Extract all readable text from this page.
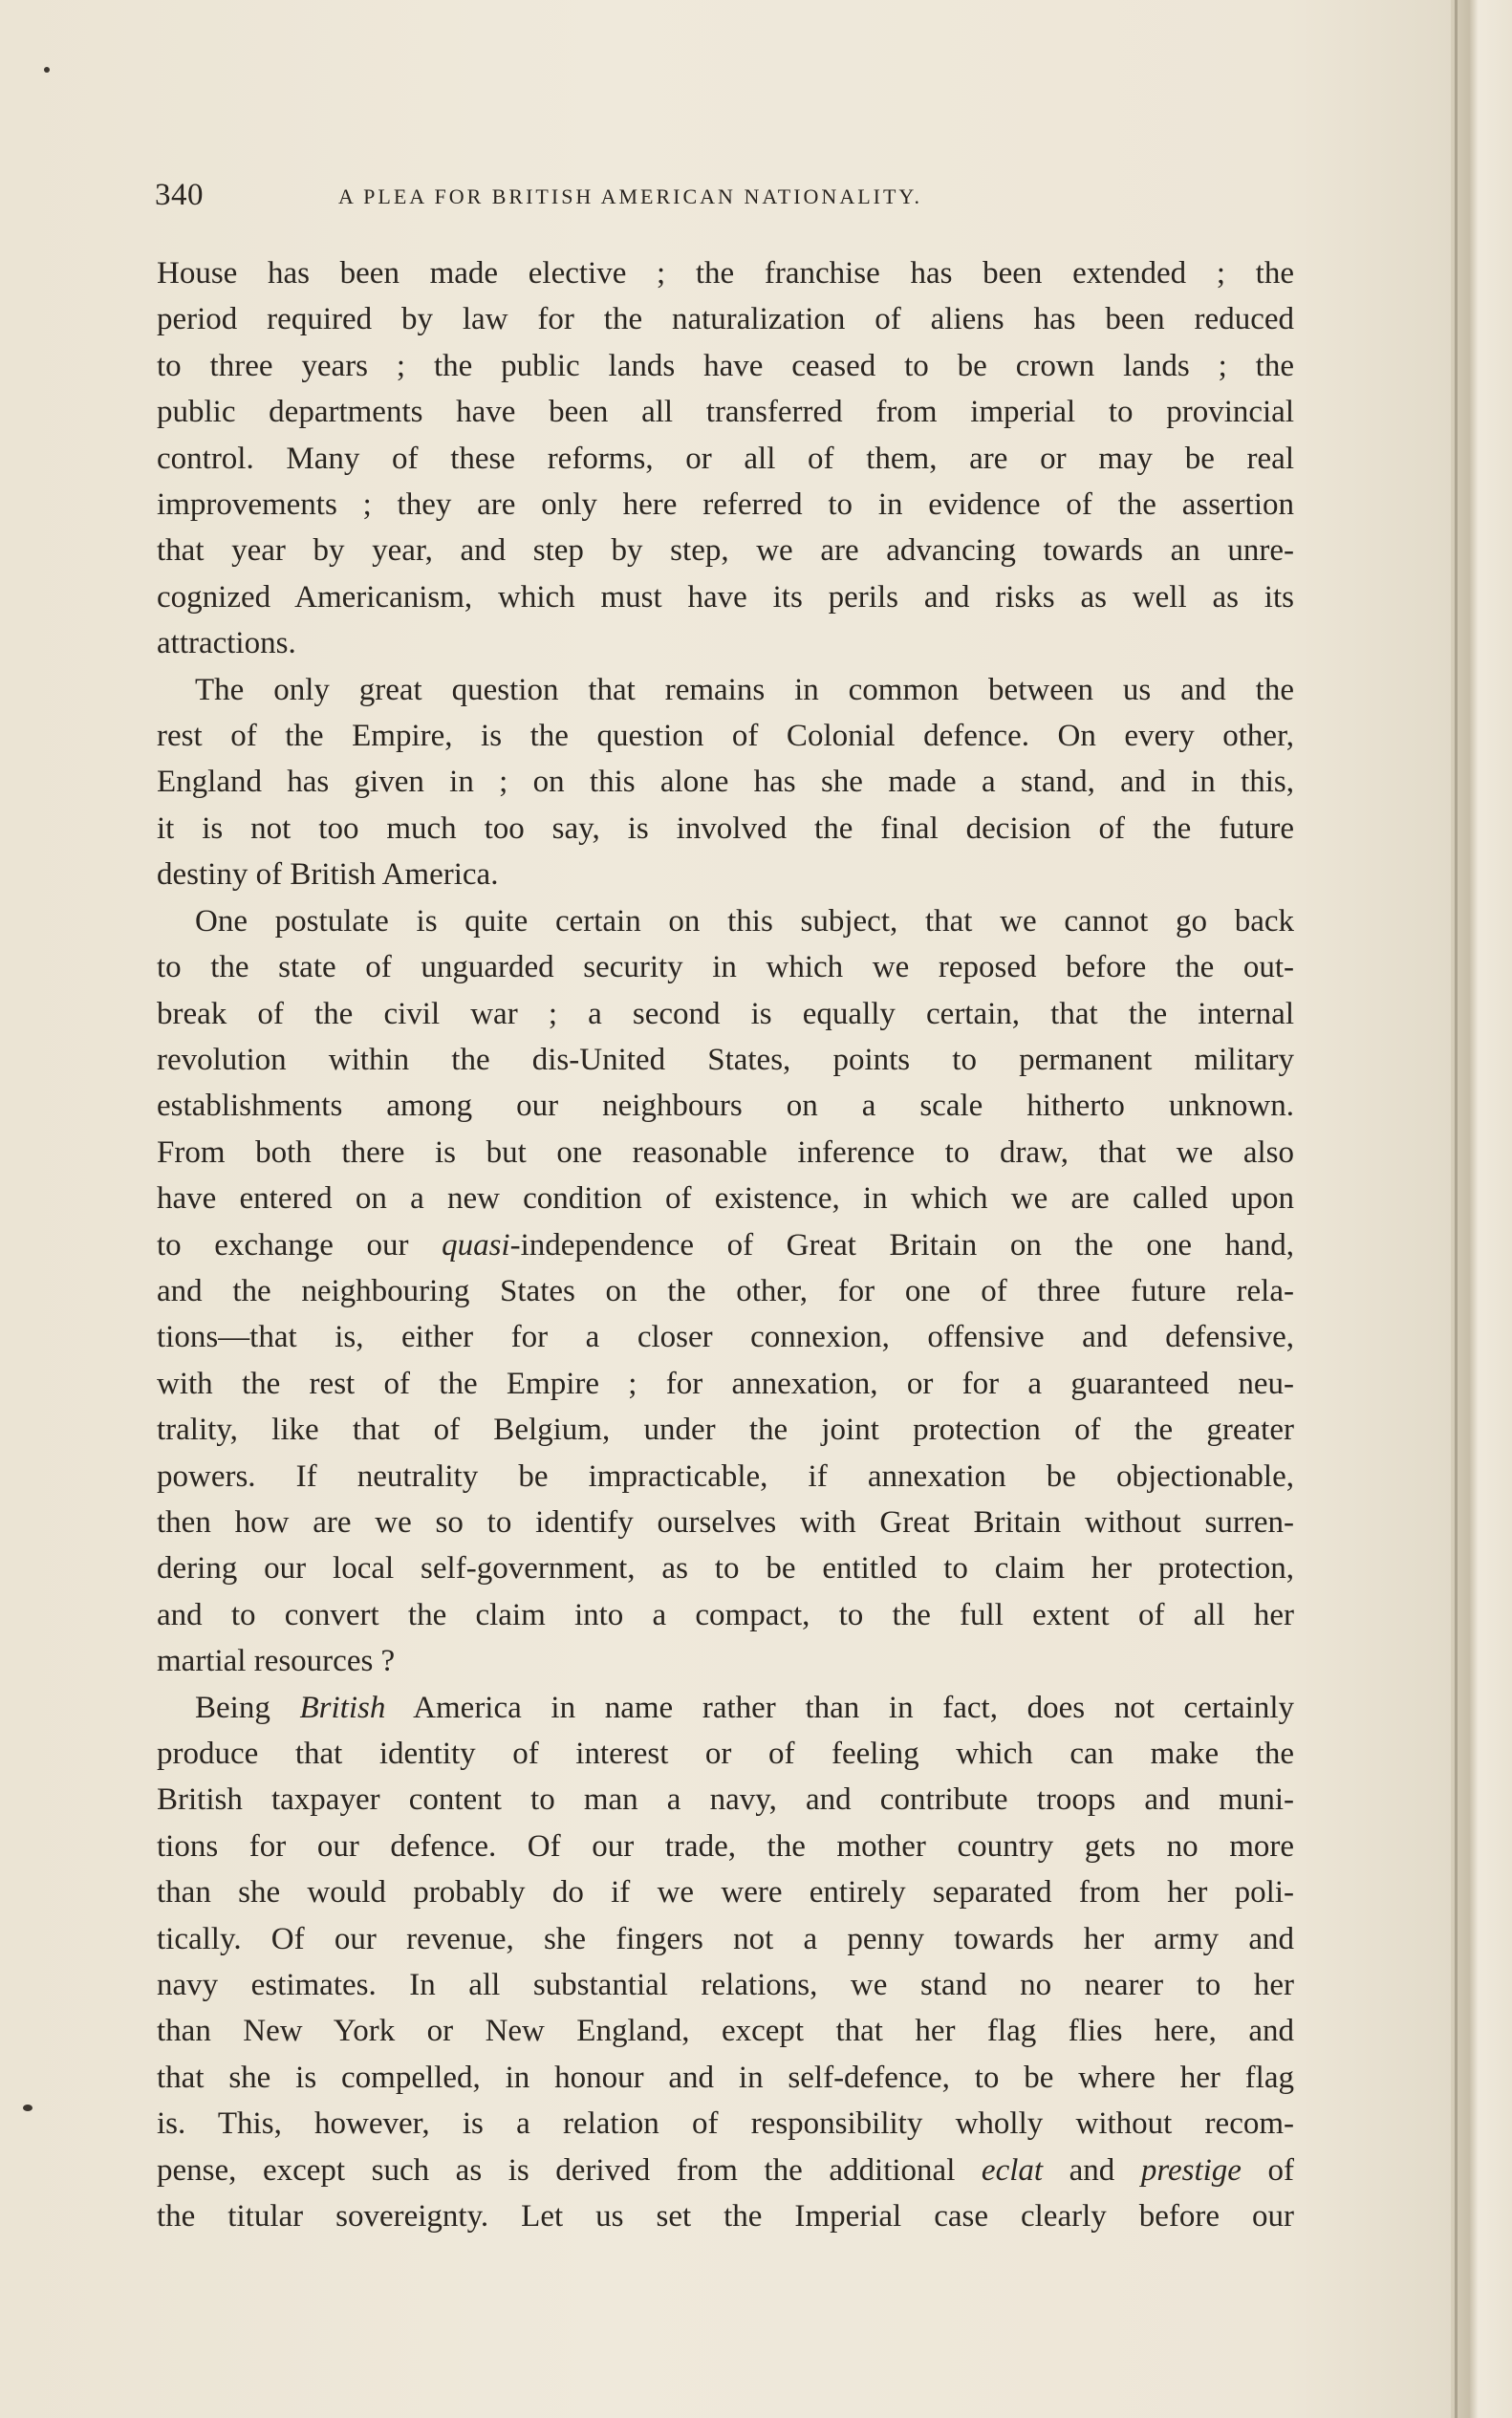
340	A PLEA FOR BRITISH AMERICAN NATIONALITY.
House has been made elective ; the franchise has been extended ; the
period required by law for the naturalization of aliens has been reduced
to three years ; the public lands have ceased to be crown lands ; the
public departments have been all transferred from imperial to provincial
control. Many of these reforms, or all of them, are or may be real
improvements ; they are only here referred to in evidence of the assertion
that year by year, and step by step, we are advancing towards an unre-
cognized Americanism, which must have its perils and risks as well as its
attractions.
The only great question that remains in common between us and the
rest of the Empire, is the question of Colonial defence. On every other,
England has given in ; on this alone has she made a stand, and in this,
it is not too much too say, is involved the final decision of the future
destiny of British America.
One postulate is quite certain on this subject, that we cannot go back
to the state of unguarded security in which we reposed before the out-
break of the civil war ; a second is equally certain, that the internal
revolution within the dis-United States, points to permanent military
establishments among our neighbours on a scale hitherto unknown.
From both there is but one reasonable inference to draw, that we also
have entered on a new condition of existence, in which we are called upon
to exchange our quasi-independence of Great Britain on the one hand,
and the neighbouring States on the other, for one of three future rela-
tions—that is, either for a closer connexion, offensive and defensive,
with the rest of the Empire ; for annexation, or for a guaranteed neu-
trality, like that of Belgium, under the joint protection of the greater
powers. If neutrality be impracticable, if annexation be objectionable,
then how are we so to identify ourselves with Great Britain without surren-
dering our local self-government, as to be entitled to claim her protection,
and to convert the claim into a compact, to the full extent of all her
martial resources ?
Being British America in name rather than in fact, does not certainly
produce that identity of interest or of feeling which can make the
British taxpayer content to man a navy, and contribute troops and muni-
tions for our defence. Of our trade, the mother country gets no more
than she would probably do if we were entirely separated from her poli-
tically. Of our revenue, she fingers not a penny towards her army and
navy estimates. In all substantial relations, we stand no nearer to her
than New York or New England, except that her flag flies here, and
that she is compelled, in honour and in self-defence, to be where her flag
is. This, however, is a relation of responsibility wholly without recom-
pense, except such as is derived from the additional eclat and prestige of
the titular sovereignty. Let us set the Imperial case clearly before our
